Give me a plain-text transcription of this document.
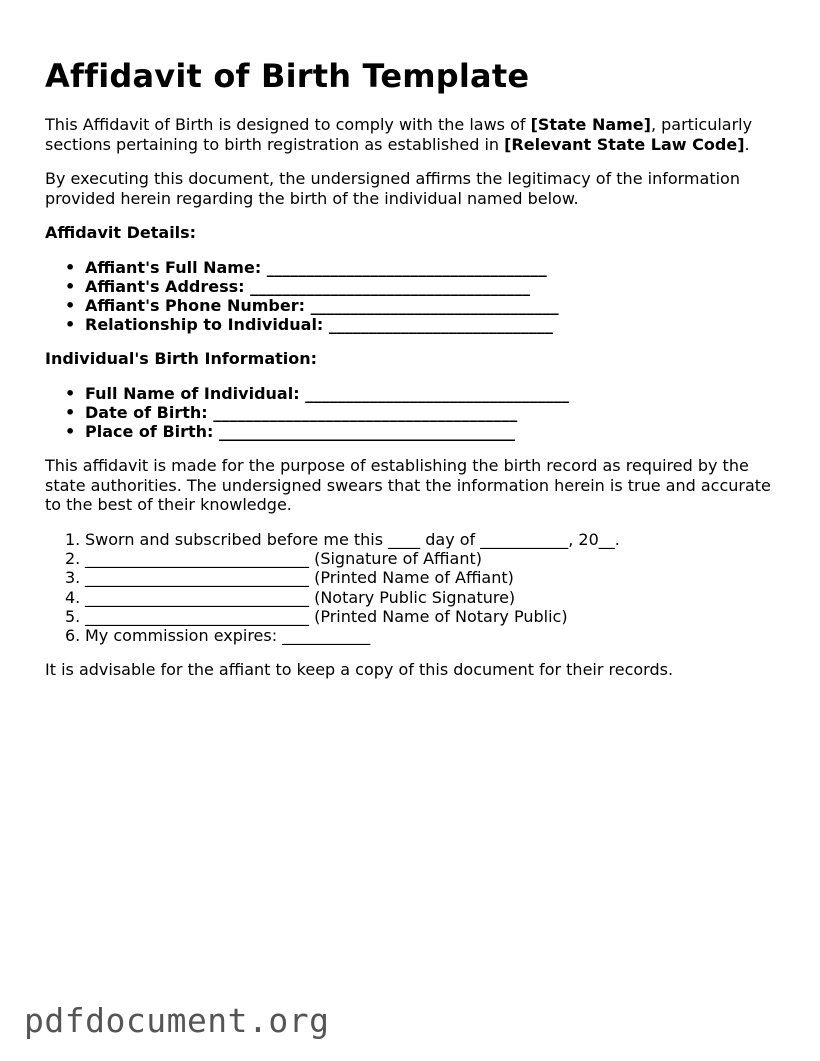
Affidavit of Birth Template

This Affidavit of Birth is designed to comply with the laws of [State Name], particularly sections pertaining to birth registration as established in [Relevant State Law Code].

By executing this document, the undersigned affirms the legitimacy of the information provided herein regarding the birth of the individual named below.

Affidavit Details:
• Affiant's Full Name: ___________________________________
• Affiant's Address: ___________________________________
• Affiant's Phone Number: _______________________________
• Relationship to Individual: ____________________________
Individual's Birth Information:
• Full Name of Individual: _________________________________
• Date of Birth: ______________________________________
• Place of Birth: _____________________________________

This affidavit is made for the purpose of establishing the birth record as required by the state authorities. The undersigned swears that the information herein is true and accurate to the best of their knowledge.

1. Sworn and subscribed before me this ____ day of ___________, 20__.
2. ____________________________ (Signature of Affiant)
3. ____________________________ (Printed Name of Affiant)
4. ____________________________ (Notary Public Signature)
5. ____________________________ (Printed Name of Notary Public)
6. My commission expires: ___________

It is advisable for the affiant to keep a copy of this document for their records.

pdfdocument.org
